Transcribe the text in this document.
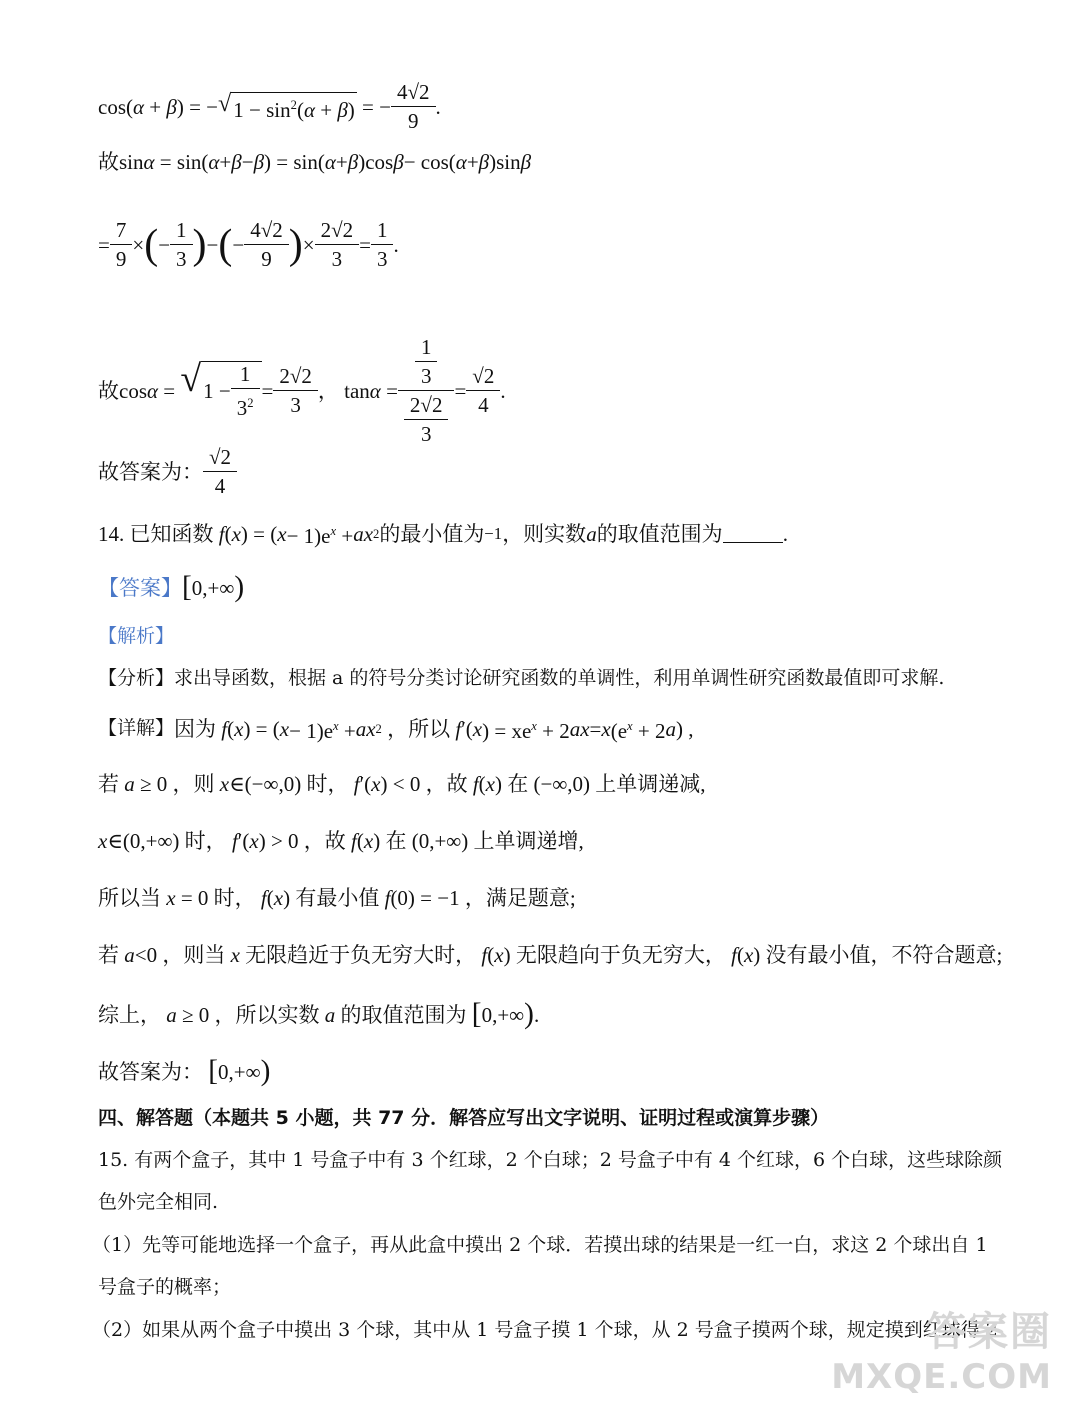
cos( α + β ) = − √ $1 - \sin^2(\alpha + \beta)$ = − $\frac{4√2}{9}$ .
故 sin α = sin( α + β − β ) = sin( α + β )cos β − cos( α + β )sin β
= $\frac{7}{9}$ × ( − $\frac{1}{3}$ ) − ( − $\frac{4√2}{9}$ ) × $\frac{2√2}{3} = \frac{1}{3}$ .
故 cos α = √ $1 - \frac{1}{3^2} = \frac{2√2}{3}$ ， $\tan \alpha = \frac{\frac{1}{3}}{\frac{2√2}{3}} = \frac{√2}{4}$ .
故答案为： $\frac{√2}{4}$
14.
已知函数 f ( x ) = ( $x - 1)e^x$ + ax 2 的最小值为 −1 ，则实数 a 的取值范围为	.
【答案】 [ 0,+∞ )
【解析】
【分析】 求出导函数，根据 a 的符号分类讨论研究函数的单调性，利用单调性研究函数最值即可求解.
【详解】 因为 f ( x ) = ( $x - 1)e^x$ + ax 2 ，所以 f ′( x ) = $xe^x + 2$ ax = x ($e^x + 2$ a ) ,
若 a ≥ 0 ，则 x ∈(−∞,0) 时， f ′( x ) < 0 ，故 f ( x ) 在 (−∞,0) 上单调递减,
x ∈(0,+∞) 时， f ′( x ) > 0 ，故 f ( x ) 在 (0,+∞) 上单调递增,
所以当 x = 0 时， f ( x ) 有最小值 f (0) = −1 ，满足题意;
若 a <0 ，则当 x 无限趋近于负无穷大时， f ( x ) 无限趋向于负无穷大， f ( x ) 没有最小值，不符合题意;
综上， a ≥ 0 ，所以实数 a 的取值范围为 [ 0,+∞ ) .
故答案为： [ 0,+∞ )
四、解答题（本题共 5 小题，共 77 分．解答应写出文字说明、证明过程或演算步骤）
15. 有两个盒子，其中 1 号盒子中有 3 个红球，2 个白球；2 号盒子中有 4 个红球，6 个白球，这些球除颜
色外完全相同.
（1）先等可能地选择一个盒子，再从此盒中摸出 2 个球．若摸出球的结果是一红一白，求这 2 个球出自 1
号盒子的概率；
（2）如果从两个盒子中摸出 3 个球，其中从 1 号盒子摸 1 个球，从 2 号盒子摸两个球，规定摸到红球得 2
答案圈
MXQE.COM
